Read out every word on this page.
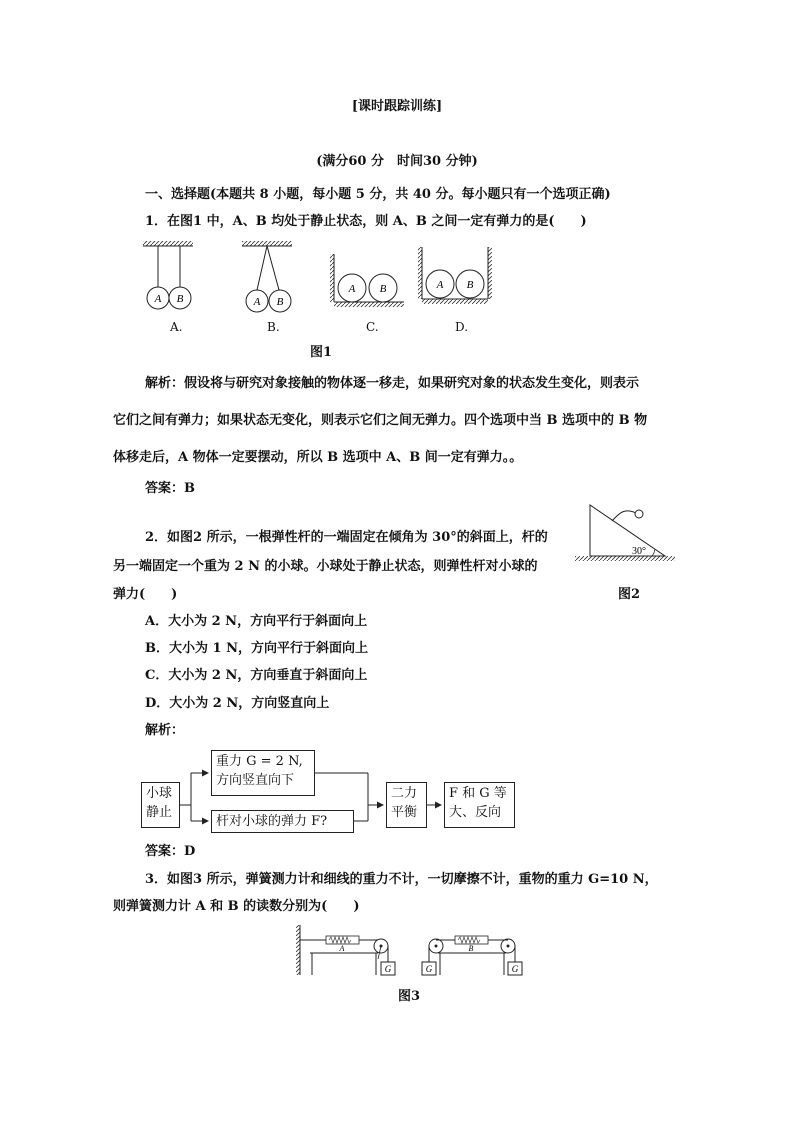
[课时跟踪训练]
(满分60 分　时间30 分钟)
一、选择题(本题共 8 小题，每小题 5 分，共 40 分。每小题只有一个选项正确)
1．在图1 中，A、B 均处于静止状态，则 A、B 之间一定有弹力的是(　　)
A B	A B
A B	A B
A.	B.	C.	D.
图1
解析：假设将与研究对象接触的物体逐一移走，如果研究对象的状态发生变化，则表示
它们之间有弹力；如果状态无变化，则表示它们之间无弹力。四个选项中当 B 选项中的 B 物
体移走后，A 物体一定要摆动，所以 B 选项中 A、B 间一定有弹力。。
答案：B
2．如图2 所示，一根弹性杆的一端固定在倾角为 30°的斜面上，杆的
另一端固定一个重为 2 N 的小球。小球处于静止状态，则弹性杆对小球的
弹力(　　)
30°
图2
A．大小为 2 N，方向平行于斜面向上
B．大小为 1 N，方向平行于斜面向上
C．大小为 2 N，方向垂直于斜面向上
D．大小为 2 N，方向竖直向上
解析：
小球
静止
重力 G = 2 N,
方向竖直向下
杆对小球的弹力 F?
二力
平衡
F 和 G 等
大、反向
答案：D
3．如图3 所示，弹簧测力计和细线的重力不计，一切摩擦不计，重物的重力 G=10 N，
则弹簧测力计 A 和 B 的读数分别为(　　)
G
A
G	G
B
图3
